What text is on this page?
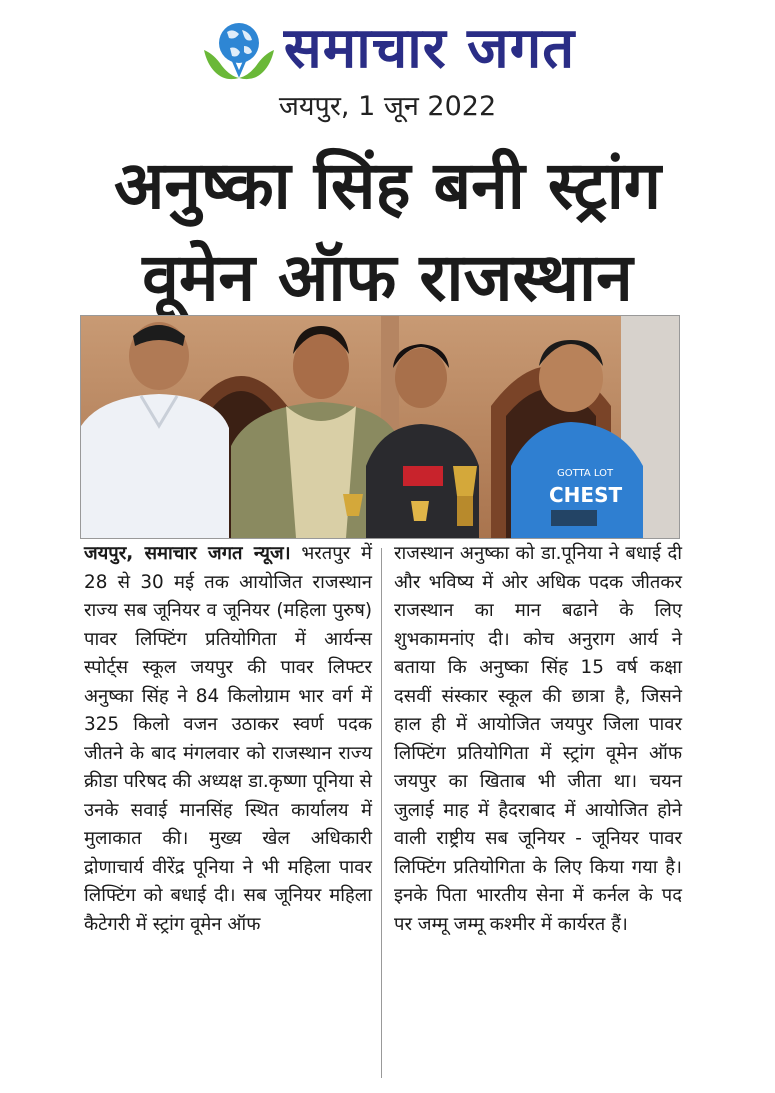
समाचार जगत
जयपुर, 1 जून 2022
अनुष्का सिंह बनी स्ट्रांग
वूमेन ऑफ राजस्थान
GOTTA LOT
CHEST
जयपुर, समाचार जगत न्यूज। भरतपुर में 28 से 30 मई तक आयोजित राजस्थान राज्य सब जूनियर व जूनियर (महिला पुरुष) पावर लिफ्टिंग प्रतियोगिता में आर्यन्स स्पोर्ट्स स्कूल जयपुर की पावर लिफ्टर अनुष्का सिंह ने 84 किलोग्राम भार वर्ग में 325 किलो वजन उठाकर स्वर्ण पदक जीतने के बाद मंगलवार को राजस्थान राज्य क्रीडा परिषद की अध्यक्ष डा.कृष्णा पूनिया से उनके सवाई मानसिंह स्थित कार्यालय में मुलाकात की। मुख्य खेल अधिकारी द्रोणाचार्य वीरेंद्र पूनिया ने भी महिला पावर लिफ्टिंग को बधाई दी। सब जूनियर महिला कैटेगरी में स्ट्रांग वूमेन ऑफ
राजस्थान अनुष्का को डा.पूनिया ने बधाई दी और भविष्य में ओर अधिक पदक जीतकर राजस्थान का मान बढाने के लिए शुभकामनांए दी। कोच अनुराग आर्य ने बताया कि अनुष्का सिंह 15 वर्ष कक्षा दसवीं संस्कार स्कूल की छात्रा है, जिसने हाल ही में आयोजित जयपुर जिला पावर लिफ्टिंग प्रतियोगिता में स्ट्रांग वूमेन ऑफ जयपुर का खिताब भी जीता था। चयन जुलाई माह में हैदराबाद में आयोजित होने वाली राष्ट्रीय सब जूनियर - जूनियर पावर लिफ्टिंग प्रतियोगिता के लिए किया गया है। इनके पिता भारतीय सेना में कर्नल के पद पर जम्मू जम्मू कश्मीर में कार्यरत हैं।
